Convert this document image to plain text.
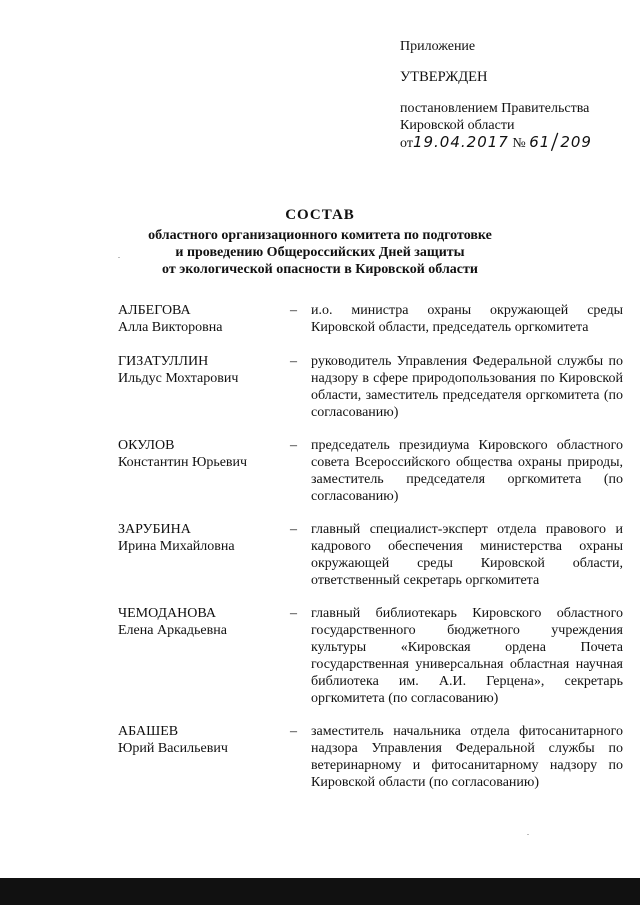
Приложение
УТВЕРЖДЕН
постановлением Правительства
Кировской области
от19.04.2017 № 61/209
СОСТАВ
областного организационного комитета по подготовке
и проведению Общероссийских Дней защиты
от экологической опасности в Кировской области
АЛБЕГОВА
Алла Викторовна
– и.о. министра охраны окружающей среды Кировской области, председатель оргкомитета
ГИЗАТУЛЛИН
Ильдус Мохтарович
– руководитель Управления Федеральной службы по надзору в сфере природопользования по Кировской области, заместитель председателя оргкомитета (по согласованию)
ОКУЛОВ
Константин Юрьевич
– председатель президиума Кировского областного совета Всероссийского общества охраны природы, заместитель председателя оргкомитета (по согласованию)
ЗАРУБИНА
Ирина Михайловна
– главный специалист-эксперт отдела правового и кадрового обеспечения министерства охраны окружающей среды Кировской области, ответственный секретарь оргкомитета
ЧЕМОДАНОВА
Елена Аркадьевна
– главный библиотекарь Кировского областного государственного бюджетного учреждения культуры «Кировская ордена Почета государственная универсальная областная научная библиотека им. А.И. Герцена», секретарь оргкомитета (по согласованию)
АБАШЕВ
Юрий Васильевич
– заместитель начальника отдела фитосанитарного надзора Управления Федеральной службы по ветеринарному и фитосанитарному надзору по Кировской области (по согласованию)
